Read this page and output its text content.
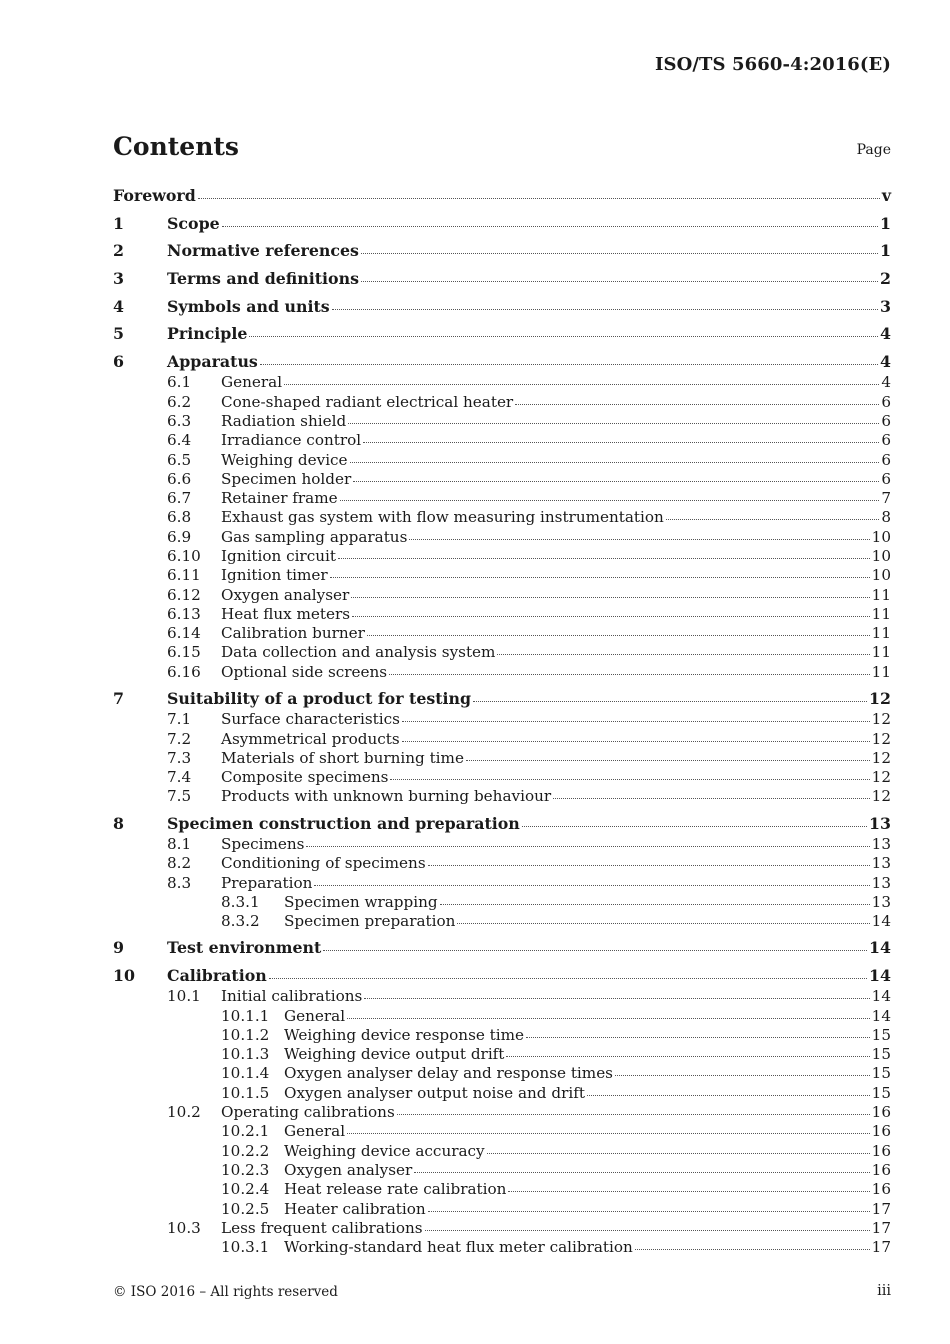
ISO/TS 5660-4:2016(E)
Contents	Page
Foreword	v
1	Scope	1
2	Normative references	1
3	Terms and definitions	2
4	Symbols and units	3
5	Principle	4
6	Apparatus	4
6.1	General	4
6.2	Cone-shaped radiant electrical heater	6
6.3	Radiation shield	6
6.4	Irradiance control	6
6.5	Weighing device	6
6.6	Specimen holder	6
6.7	Retainer frame	7
6.8	Exhaust gas system with flow measuring instrumentation	8
6.9	Gas sampling apparatus	10
6.10	Ignition circuit	10
6.11	Ignition timer	10
6.12	Oxygen analyser	11
6.13	Heat flux meters	11
6.14	Calibration burner	11
6.15	Data collection and analysis system	11
6.16	Optional side screens	11
7	Suitability of a product for testing	12
7.1	Surface characteristics	12
7.2	Asymmetrical products	12
7.3	Materials of short burning time	12
7.4	Composite specimens	12
7.5	Products with unknown burning behaviour	12
8	Specimen construction and preparation	13
8.1	Specimens	13
8.2	Conditioning of specimens	13
8.3	Preparation	13
8.3.1	Specimen wrapping	13
8.3.2	Specimen preparation	14
9	Test environment	14
10	Calibration	14
10.1	Initial calibrations	14
10.1.1 General	14
10.1.2 Weighing device response time	15
10.1.3 Weighing device output drift	15
10.1.4 Oxygen analyser delay and response times	15
10.1.5 Oxygen analyser output noise and drift	15
10.2	Operating calibrations	16
10.2.1 General	16
10.2.2 Weighing device accuracy	16
10.2.3 Oxygen analyser	16
10.2.4 Heat release rate calibration	16
10.2.5 Heater calibration	17
10.3	Less frequent calibrations	17
10.3.1 Working-standard heat flux meter calibration	17
© ISO 2016 – All rights reserved	iii
